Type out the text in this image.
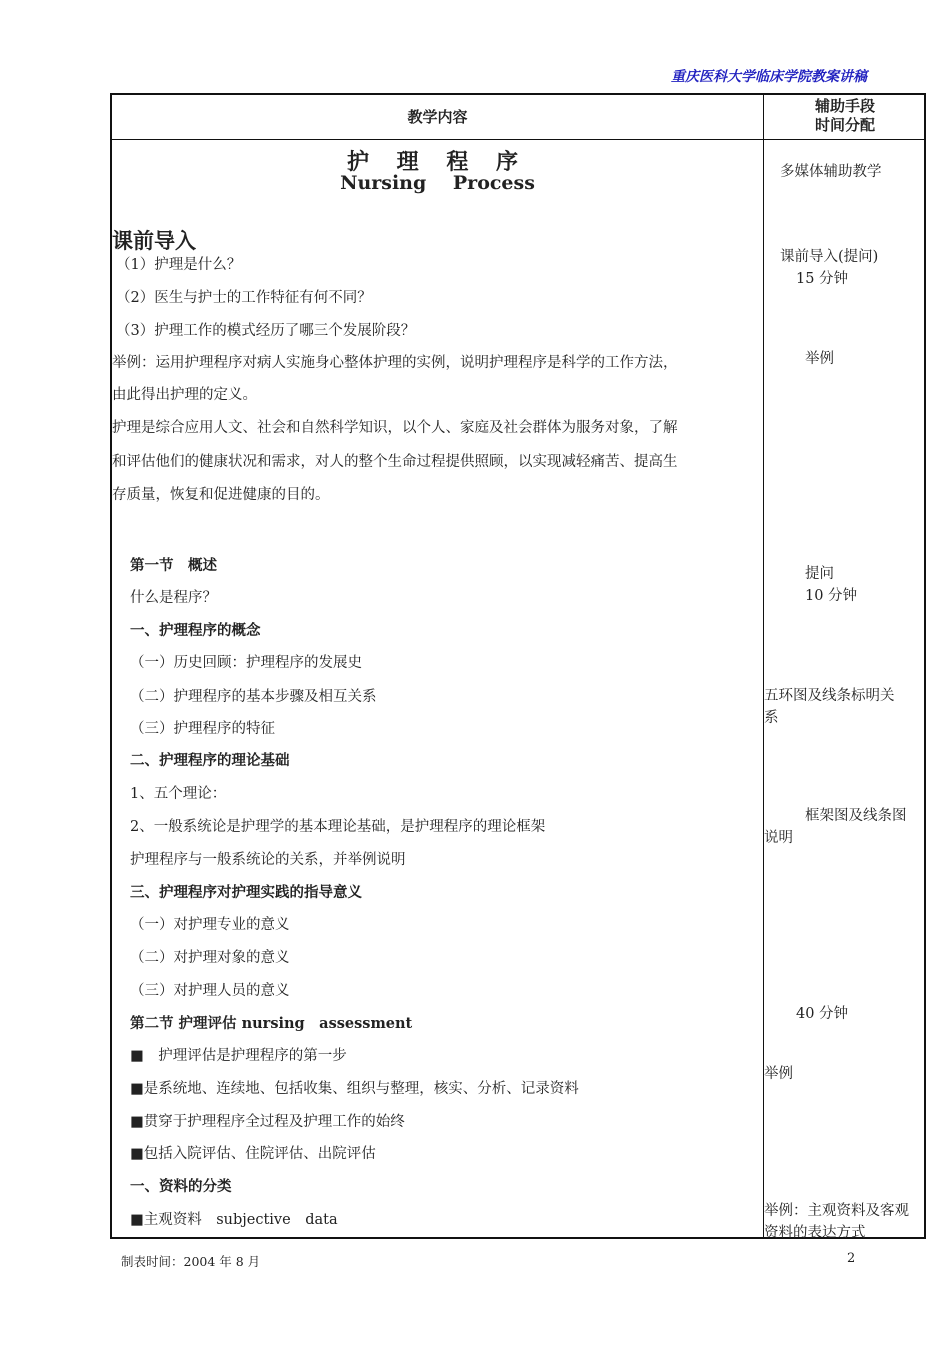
重庆医科大学临床学院教案讲稿
教学内容
辅助手段
时间分配
护 理 程 序
Nursing Process
课前导入
（1）护理是什么？
（2）医生与护士的工作特征有何不同？
（3）护理工作的模式经历了哪三个发展阶段？
举例：运用护理程序对病人实施身心整体护理的实例，说明护理程序是科学的工作方法，
由此得出护理的定义。
护理是综合应用人文、社会和自然科学知识，以个人、家庭及社会群体为服务对象，了解
和评估他们的健康状况和需求，对人的整个生命过程提供照顾，以实现减轻痛苦、提高生
存质量，恢复和促进健康的目的。
第一节　概述
什么是程序？
一、护理程序的概念
（一）历史回顾：护理程序的发展史
（二）护理程序的基本步骤及相互关系
（三）护理程序的特征
二、护理程序的理论基础
1、五个理论：
2、一般系统论是护理学的基本理论基础，是护理程序的理论框架
护理程序与一般系统论的关系，并举例说明
三、护理程序对护理实践的指导意义
（一）对护理专业的意义
（二）对护理对象的意义
（三）对护理人员的意义
第二节 护理评估 nursing　assessment
■　护理评估是护理程序的第一步
■是系统地、连续地、包括收集、组织与整理，核实、分析、记录资料
■贯穿于护理程序全过程及护理工作的始终
■包括入院评估、住院评估、出院评估
一、资料的分类
■主观资料　subjective　data
多媒体辅助教学
课前导入(提问)
15 分钟
举例
提问
10 分钟
五环图及线条标明关
系
框架图及线条图
说明
40 分钟
举例
举例：主观资料及客观
资料的表达方式
制表时间：2004 年 8 月	2
